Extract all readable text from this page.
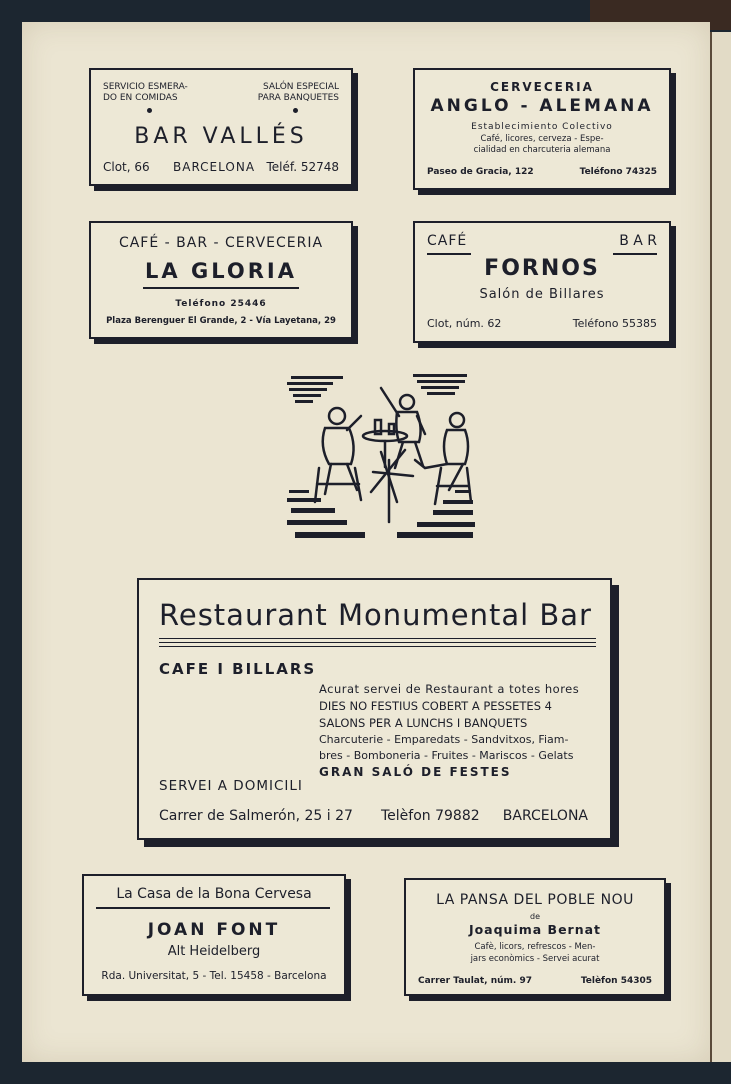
SERVICIO ESMERA-
DO EN COMIDAS
SALÓN ESPECIAL
PARA BANQUETES
BAR VALLÉS
Clot, 66 BARCELONA Teléf. 52748
CERVECERIA
ANGLO - ALEMANA
Establecimiento Colectivo
Café, licores, cerveza - Espe-
cialidad en charcuteria alemana
Paseo de Gracia, 122	Teléfono 74325
CAFÉ - BAR - CERVECERIA
LA GLORIA
Teléfono 25446
Plaza Berenguer El Grande, 2 - Vía Layetana, 29
CAFÉ	B A R
FORNOS
Salón de Billares
Clot, núm. 62	Teléfono 55385
Restaurant Monumental Bar
CAFE I BILLARS
Acurat servei de Restaurant a totes hores
DIES NO FESTIUS COBERT A PESSETES 4
SALONS PER A LUNCHS I BANQUETS
Charcuterie - Emparedats - Sandvitxos, Fiam-
bres - Bomboneria - Fruites - Mariscos - Gelats
GRAN SALÓ DE FESTES
SERVEI A DOMICILI
Carrer de Salmerón, 25 i 27 Telèfon 79882 BARCELONA
La Casa de la Bona Cervesa
JOAN FONT
Alt Heidelberg
Rda. Universitat, 5 - Tel. 15458 - Barcelona
LA PANSA DEL POBLE NOU
de
Joaquima Bernat
Cafè, licors, refrescos - Men-
jars econòmics - Servei acurat
Carrer Taulat, núm. 97	Telèfon 54305
